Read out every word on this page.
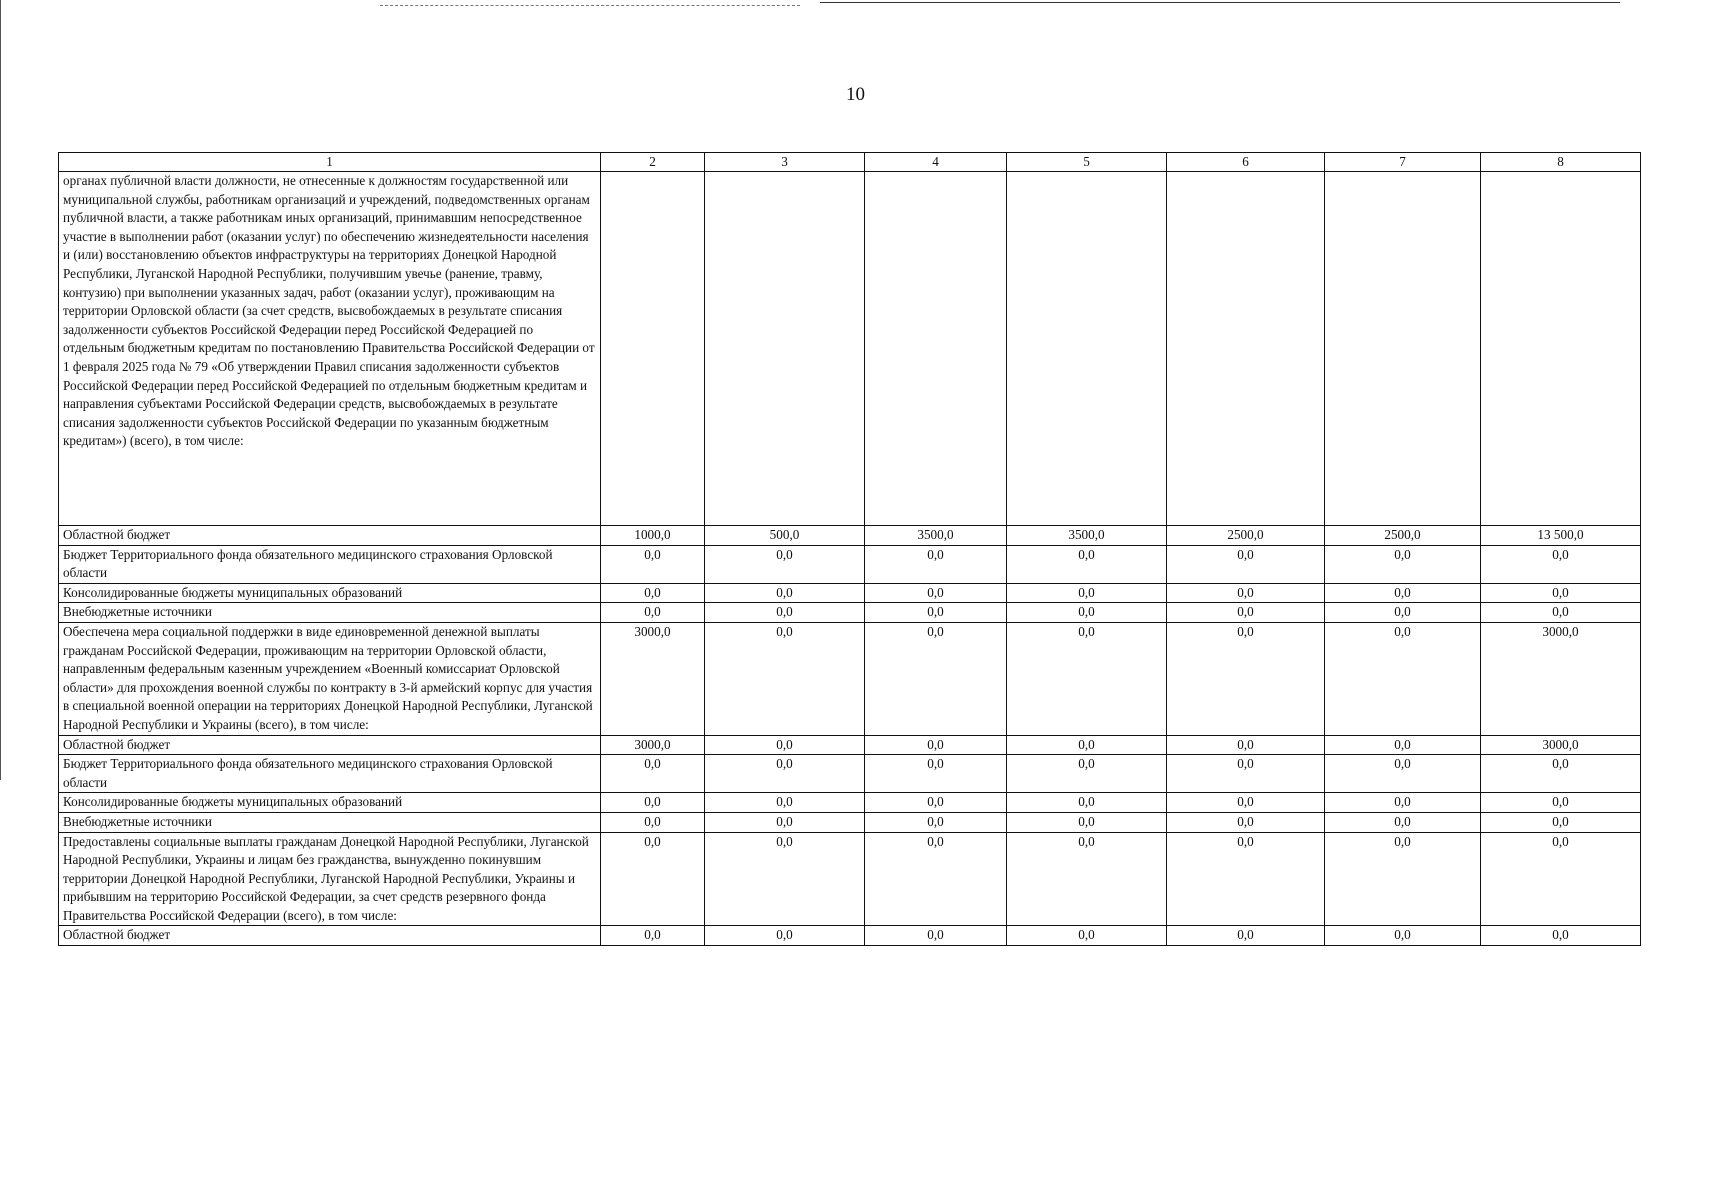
10
1	2	3	4	5	6	7	8
органах публичной власти должности, не отнесенные к должностям государственной или муниципальной службы, работникам организаций и учреждений, подведомственных органам публичной власти, а также работникам иных организаций, принимавшим непосредственное участие в выполнении работ (оказании услуг) по обеспечению жизнедеятельности населения и (или) восстановлению объектов инфраструктуры на территориях Донецкой Народной Республики, Луганской Народной Республики, получившим увечье (ранение, травму, контузию) при выполнении указанных задач, работ (оказании услуг), проживающим на территории Орловской области (за счет средств, высвобождаемых в результате списания задолженности субъектов Российской Федерации перед Российской Федерацией по отдельным бюджетным кредитам по постановлению Правительства Российской Федерации от 1 февраля 2025 года № 79 «Об утверждении Правил списания задолженности субъектов Российской Федерации перед Российской Федерацией по отдельным бюджетным кредитам и направления субъектами Российской Федерации средств, высвобождаемых в результате списания задолженности субъектов Российской Федерации по указанным бюджетным кредитам») (всего), в том числе:							
Областной бюджет	1000,0	500,0	3500,0	3500,0	2500,0	2500,0	13 500,0
Бюджет Территориального фонда обязательного медицинского страхования Орловской области	0,0	0,0	0,0	0,0	0,0	0,0	0,0
Консолидированные бюджеты муниципальных образований	0,0	0,0	0,0	0,0	0,0	0,0	0,0
Внебюджетные источники	0,0	0,0	0,0	0,0	0,0	0,0	0,0
Обеспечена мера социальной поддержки в виде единовременной денежной выплаты гражданам Российской Федерации, проживающим на территории Орловской области, направленным федеральным казенным учреждением «Военный комиссариат Орловской области» для прохождения военной службы по контракту в 3-й армейский корпус для участия в специальной военной операции на территориях Донецкой Народной Республики, Луганской Народной Республики и Украины (всего), в том числе:	3000,0	0,0	0,0	0,0	0,0	0,0	3000,0
Областной бюджет	3000,0	0,0	0,0	0,0	0,0	0,0	3000,0
Бюджет Территориального фонда обязательного медицинского страхования Орловской области	0,0	0,0	0,0	0,0	0,0	0,0	0,0
Консолидированные бюджеты муниципальных образований	0,0	0,0	0,0	0,0	0,0	0,0	0,0
Внебюджетные источники	0,0	0,0	0,0	0,0	0,0	0,0	0,0
Предоставлены социальные выплаты гражданам Донецкой Народной Республики, Луганской Народной Республики, Украины и лицам без гражданства, вынужденно покинувшим территории Донецкой Народной Республики, Луганской Народной Республики, Украины и прибывшим на территорию Российской Федерации, за счет средств резервного фонда Правительства Российской Федерации (всего), в том числе:	0,0	0,0	0,0	0,0	0,0	0,0	0,0
Областной бюджет	0,0	0,0	0,0	0,0	0,0	0,0	0,0
